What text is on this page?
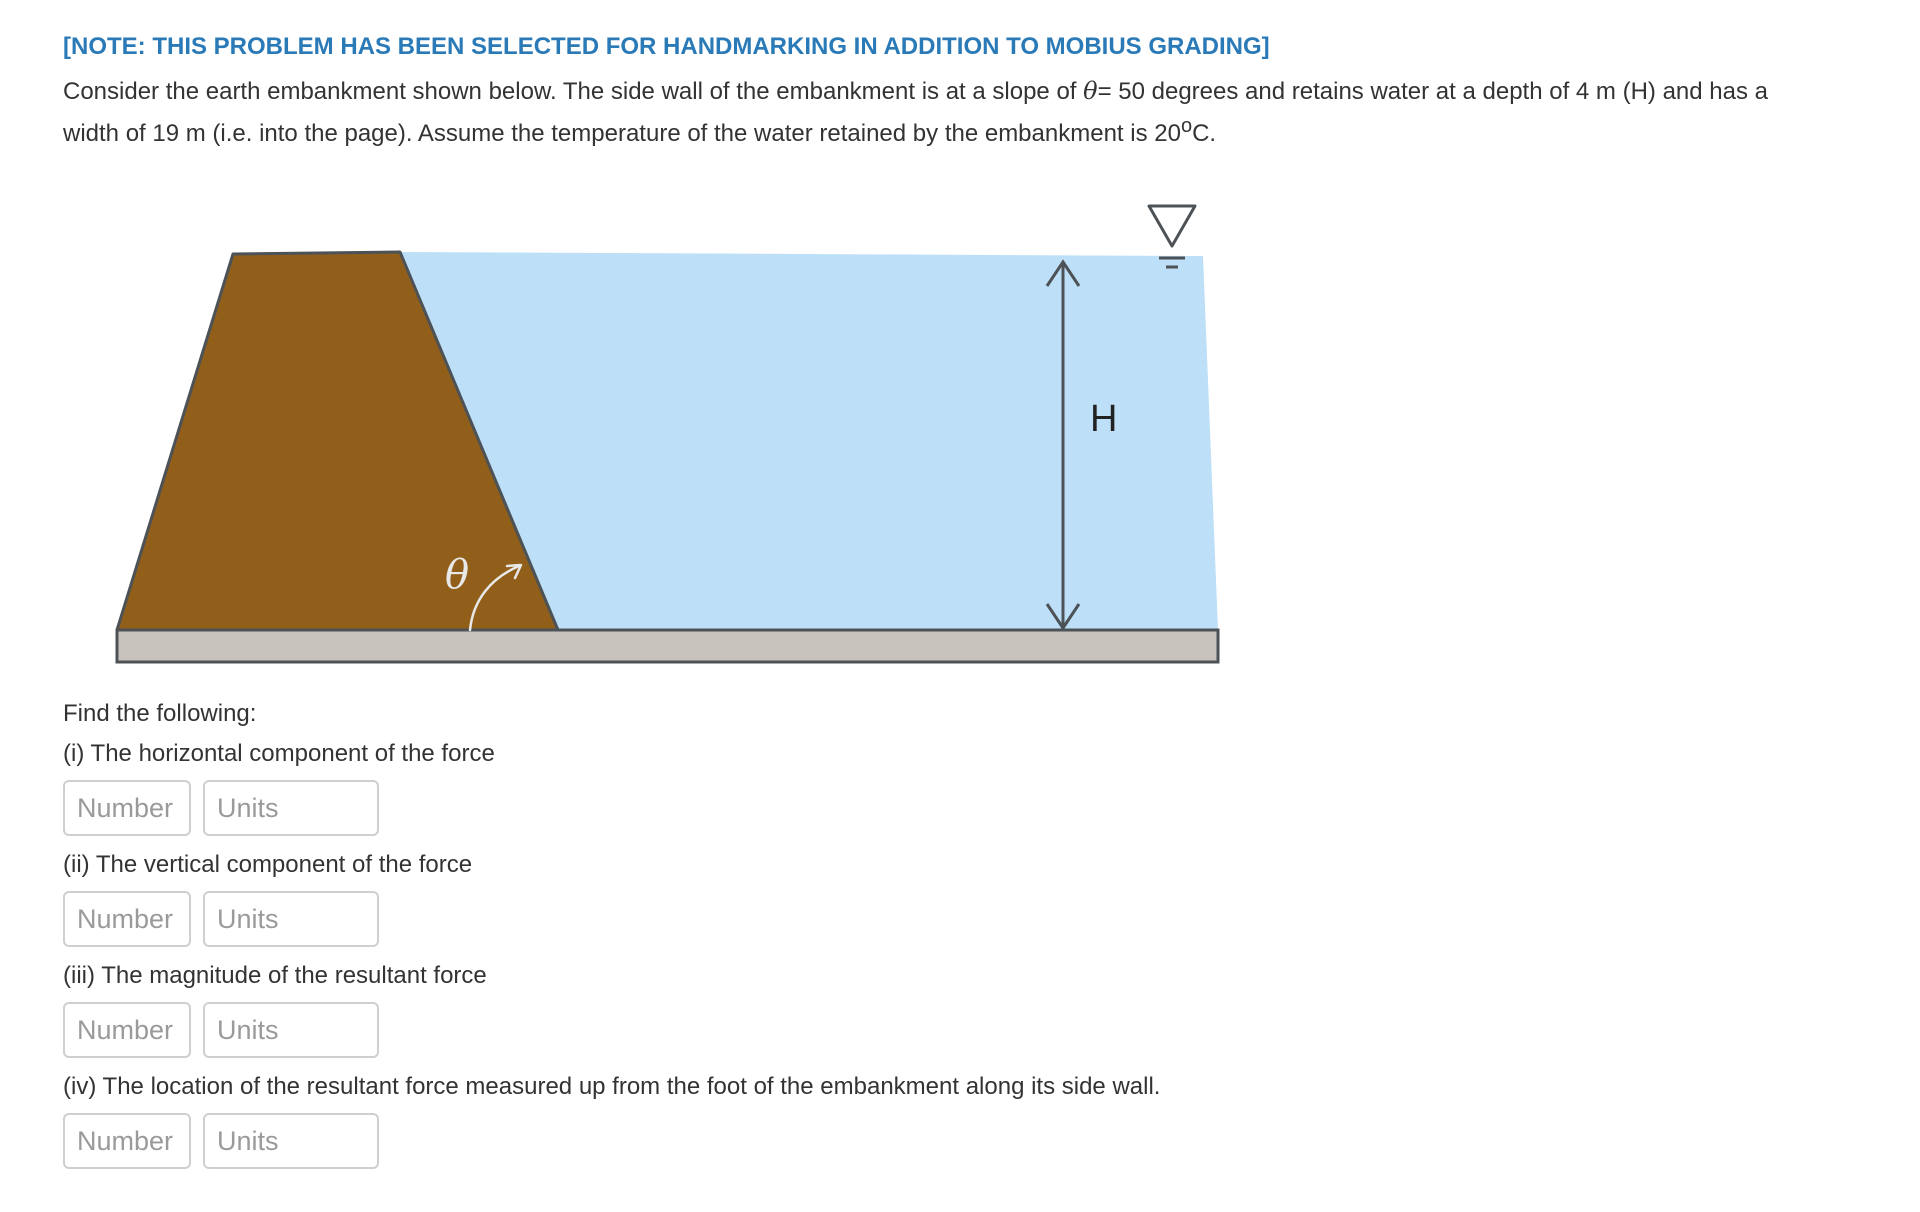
[NOTE: THIS PROBLEM HAS BEEN SELECTED FOR HANDMARKING IN ADDITION TO MOBIUS GRADING]
Consider the earth embankment shown below. The side wall of the embankment is at a slope of θ= 50 degrees and retains water at a depth of 4 m (H) and has a width of 19 m (i.e. into the page). Assume the temperature of the water retained by the embankment is 20$^o$C.
H
θ
Find the following:
(i) The horizontal component of the force
Number
Units
(ii) The vertical component of the force
Number
Units
(iii) The magnitude of the resultant force
Number
Units
(iv) The location of the resultant force measured up from the foot of the embankment along its side wall.
Number
Units
